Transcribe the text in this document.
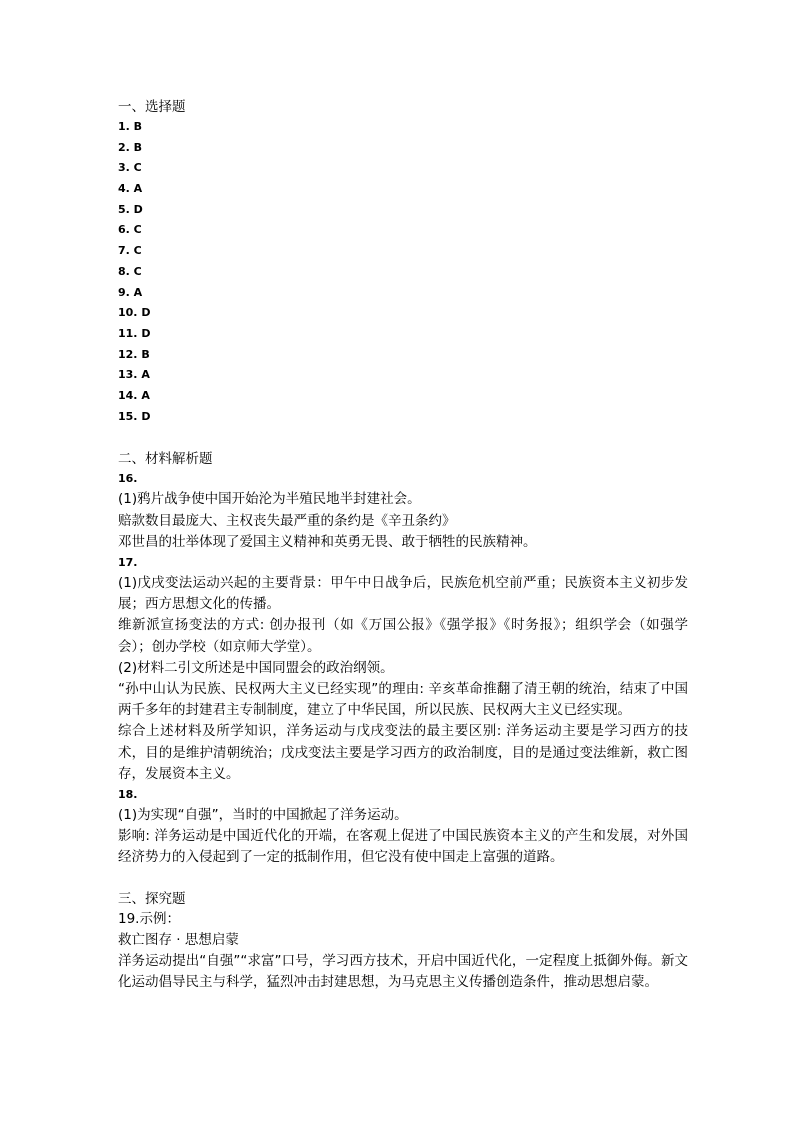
一、选择题
1. B
2. B
3. C
4. A
5. D
6. C
7. C
8. C
9. A
10. D
11. D
12. B
13. A
14. A
15. D
二、材料解析题
16.

(1)鸦片战争使中国开始沦为半殖民地半封建社会。

赔款数目最庞大、主权丧失最严重的条约是《辛丑条约》

邓世昌的壮举体现了爱国主义精神和英勇无畏、敢于牺牲的民族精神。

17.

(1)戊戌变法运动兴起的主要背景：甲午中日战争后，民族危机空前严重；民族资本主义初步发展；西方思想文化的传播。

维新派宣扬变法的方式: 创办报刊（如《万国公报》《强学报》《时务报》；组织学会（如强学会）；创办学校（如京师大学堂）。

(2)材料二引文所述是中国同盟会的政治纲领。

“孙中山认为民族、民权两大主义已经实现”的理由: 辛亥革命推翻了清王朝的统治，结束了中国两千多年的封建君主专制制度，建立了中华民国，所以民族、民权两大主义已经实现。

综合上述材料及所学知识，洋务运动与戊戌变法的最主要区别: 洋务运动主要是学习西方的技术，目的是维护清朝统治；戊戌变法主要是学习西方的政治制度，目的是通过变法维新，救亡图存，发展资本主义。

18.

(1)为实现“自强”，当时的中国掀起了洋务运动。

影响: 洋务运动是中国近代化的开端，在客观上促进了中国民族资本主义的产生和发展，对外国经济势力的入侵起到了一定的抵制作用，但它没有使中国走上富强的道路。

三、探究题
19.示例：
救亡图存 · 思想启蒙

洋务运动提出“自强”“求富”口号，学习西方技术，开启中国近代化，一定程度上抵御外侮。新文化运动倡导民主与科学，猛烈冲击封建思想，为马克思主义传播创造条件，推动思想启蒙。
